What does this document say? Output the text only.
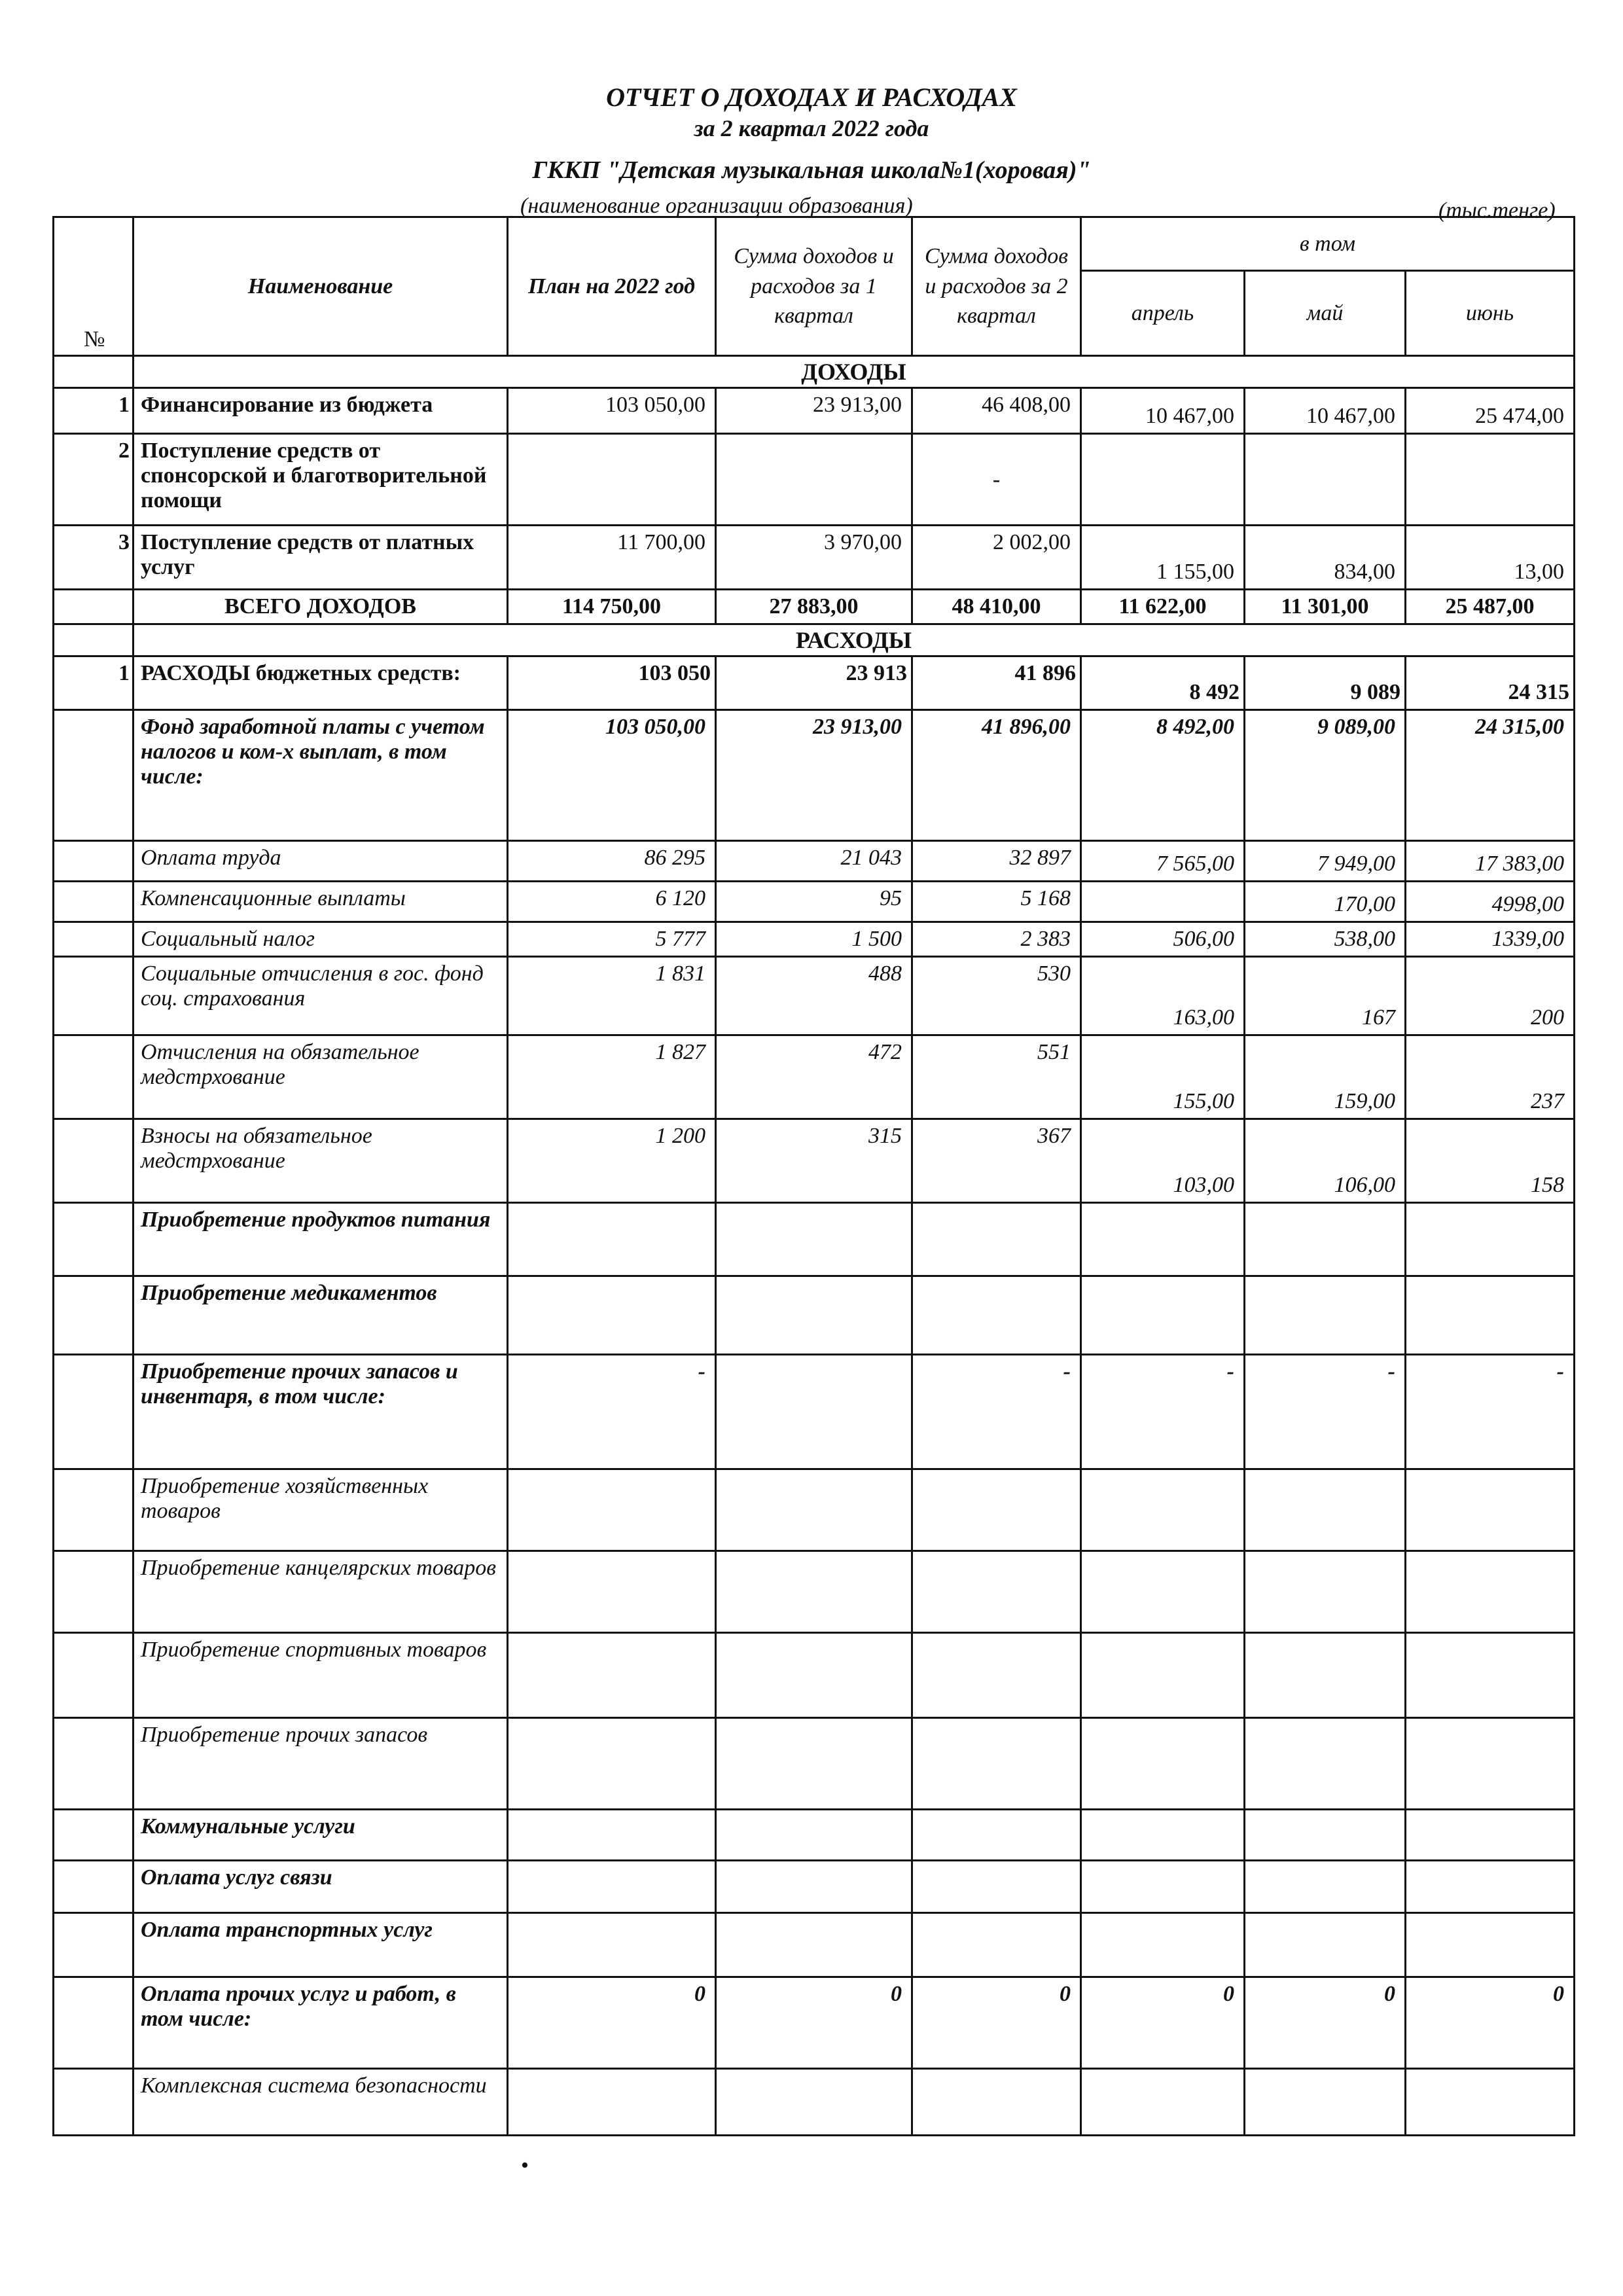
ОТЧЕТ О ДОХОДАХ И РАСХОДАХ
за 2 квартал 2022 года
ГККП "Детская музыкальная школа№1(хоровая)"
(наименование организации образования)	(тыс.тенге)
№	Наименование	План на 2022 год	Сумма доходов и расходов за 1 квартал	Сумма доходов и расходов за 2 квартал	в том		
					апрель	май	июнь
	ДОХОДЫ						
1	Финансирование из бюджета	103 050,00	23 913,00	46 408,00	10 467,00	10 467,00	25 474,00
2	Поступление средств от спонсорской и благотворительной помощи			-			
3	Поступление средств от платных услуг	11 700,00	3 970,00	2 002,00	1 155,00	834,00	13,00
	ВСЕГО ДОХОДОВ	114 750,00	27 883,00	48 410,00	11 622,00	11 301,00	25 487,00
	РАСХОДЫ						
1	РАСХОДЫ бюджетных средств:	103 050	23 913	41 896	8 492	9 089	24 315
	Фонд заработной платы с учетом налогов и ком-х выплат, в том числе:	103 050,00	23 913,00	41 896,00	8 492,00	9 089,00	24 315,00
	Оплата труда	86 295	21 043	32 897	7 565,00	7 949,00	17 383,00
	Компенсационные выплаты	6 120	95	5 168		170,00	4998,00
	Социальный налог	5 777	1 500	2 383	506,00	538,00	1339,00
	Социальные отчисления в гос. фонд соц. страхования	1 831	488	530	163,00	167	200
	Отчисления на обязательное медстрхование	1 827	472	551	155,00	159,00	237
	Взносы на обязательное медстрхование	1 200	315	367	103,00	106,00	158
	Приобретение продуктов питания						
	Приобретение медикаментов						
	Приобретение прочих запасов и инвентаря, в том числе:	-		-	-	-	-
	Приобретение хозяйственных товаров						
	Приобретение канцелярских товаров						
	Приобретение спортивных товаров						
	Приобретение прочих запасов						
	Коммунальные услуги						
	Оплата услуг связи						
	Оплата транспортных услуг						
	Оплата прочих услуг и работ, в том числе:	0	0	0	0	0	0
	Комплексная система безопасности						
•
